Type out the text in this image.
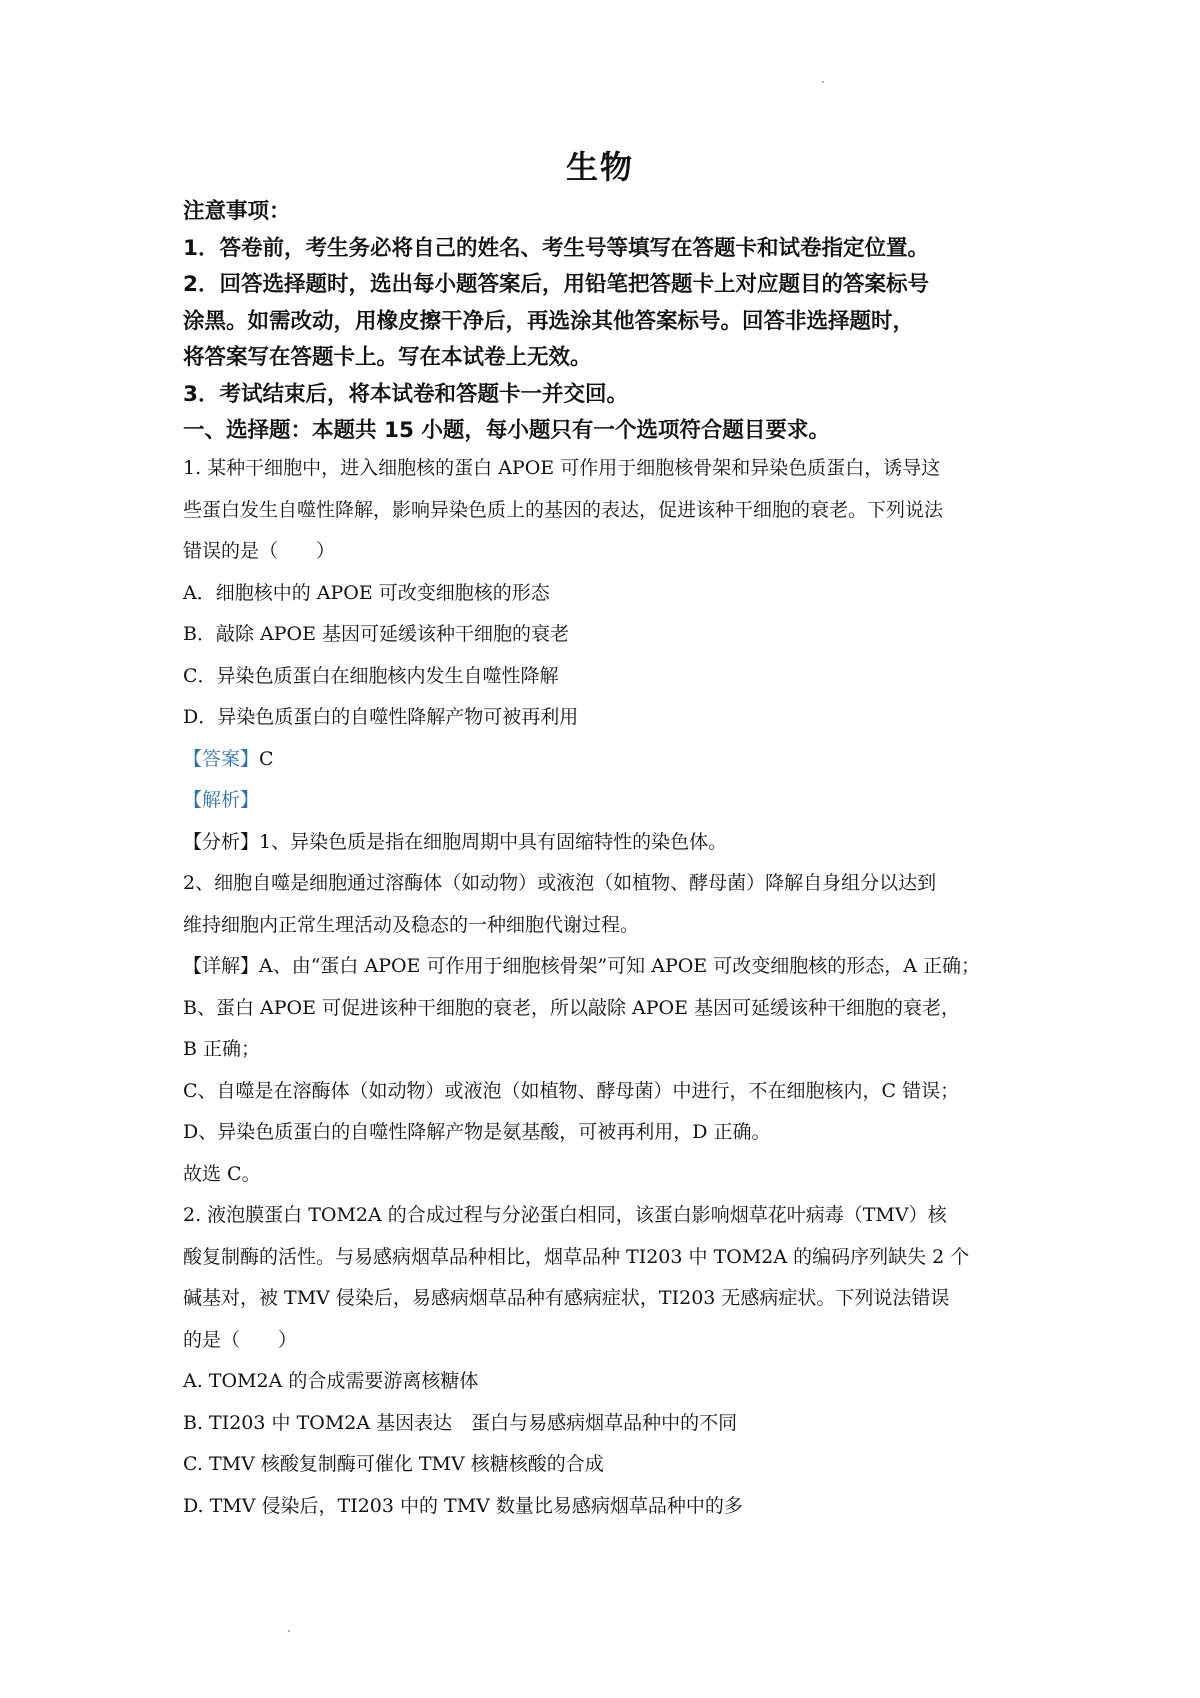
生物
注意事项：
1．答卷前，考生务必将自己的姓名、考生号等填写在答题卡和试卷指定位置。
2．回答选择题时，选出每小题答案后，用铅笔把答题卡上对应题目的答案标号
涂黑。如需改动，用橡皮擦干净后，再选涂其他答案标号。回答非选择题时，
将答案写在答题卡上。写在本试卷上无效。
3．考试结束后，将本试卷和答题卡一并交回。
一、选择题：本题共 15 小题，每小题只有一个选项符合题目要求。
1. 某种干细胞中，进入细胞核的蛋白 APOE 可作用于细胞核骨架和异染色质蛋白，诱导这
些蛋白发生自噬性降解，影响异染色质上的基因的表达，促进该种干细胞的衰老。下列说法
错误的是（　　）
A．细胞核中的 APOE 可改变细胞核的形态
B．敲除 APOE 基因可延缓该种干细胞的衰老
C．异染色质蛋白在细胞核内发生自噬性降解
D．异染色质蛋白的自噬性降解产物可被再利用
【答案】C
【解析】
【分析】1、异染色质是指在细胞周期中具有固缩特性的染色体。
2、细胞自噬是细胞通过溶酶体（如动物）或液泡（如植物、酵母菌）降解自身组分以达到
维持细胞内正常生理活动及稳态的一种细胞代谢过程。
【详解】A、由“蛋白 APOE 可作用于细胞核骨架”可知 APOE 可改变细胞核的形态，A 正确；
B、蛋白 APOE 可促进该种干细胞的衰老，所以敲除 APOE 基因可延缓该种干细胞的衰老，
B 正确；
C、自噬是在溶酶体（如动物）或液泡（如植物、酵母菌）中进行，不在细胞核内，C 错误；
D、异染色质蛋白的自噬性降解产物是氨基酸，可被再利用，D 正确。
故选 C。
2. 液泡膜蛋白 TOM2A 的合成过程与分泌蛋白相同，该蛋白影响烟草花叶病毒（TMV）核
酸复制酶的活性。与易感病烟草品种相比，烟草品种 TI203 中 TOM2A 的编码序列缺失 2 个
碱基对，被 TMV 侵染后，易感病烟草品种有感病症状，TI203 无感病症状。下列说法错误
的是（　　）
A. TOM2A 的合成需要游离核糖体
B. TI203 中 TOM2A 基因表达　蛋白与易感病烟草品种中的不同
C. TMV 核酸复制酶可催化 TMV 核糖核酸的合成
D. TMV 侵染后，TI203 中的 TMV 数量比易感病烟草品种中的多
